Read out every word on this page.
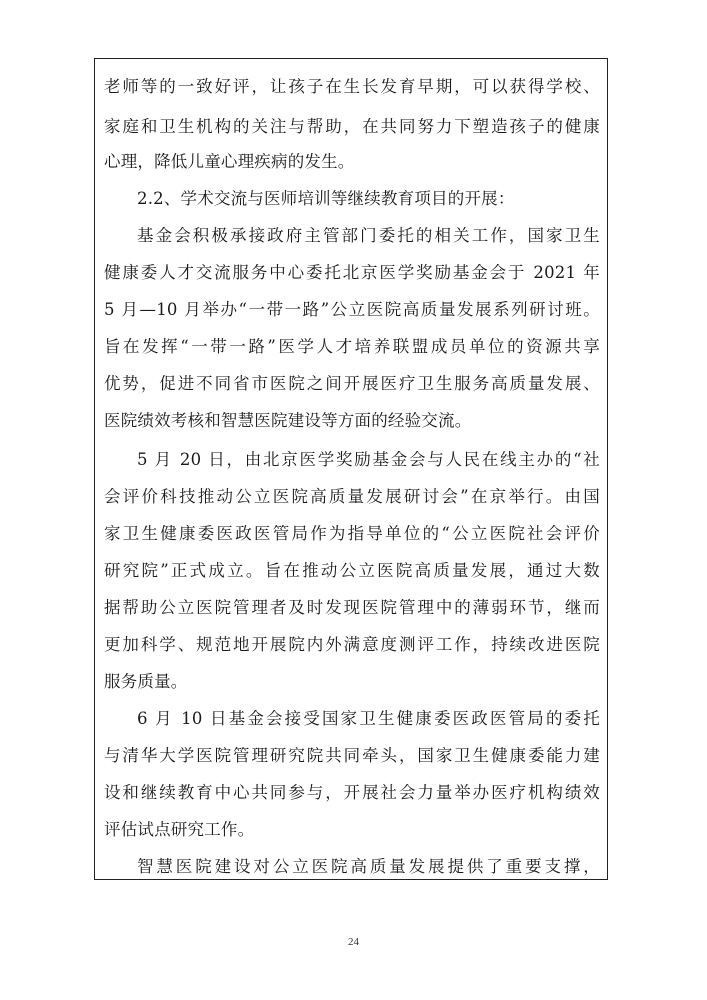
老师等的一致好评，让孩子在生长发育早期，可以获得学校、
家庭和卫生机构的关注与帮助，在共同努力下塑造孩子的健康
心理，降低儿童心理疾病的发生。
2.2、学术交流与医师培训等继续教育项目的开展：
基金会积极承接政府主管部门委托的相关工作，国家卫生
健康委人才交流服务中心委托北京医学奖励基金会于 2021 年
5 月—10 月举办“一带一路”公立医院高质量发展系列研讨班。
旨在发挥“一带一路”医学人才培养联盟成员单位的资源共享
优势，促进不同省市医院之间开展医疗卫生服务高质量发展、
医院绩效考核和智慧医院建设等方面的经验交流。
5 月 20 日，由北京医学奖励基金会与人民在线主办的“社
会评价科技推动公立医院高质量发展研讨会”在京举行。由国
家卫生健康委医政医管局作为指导单位的“公立医院社会评价
研究院”正式成立。旨在推动公立医院高质量发展，通过大数
据帮助公立医院管理者及时发现医院管理中的薄弱环节，继而
更加科学、规范地开展院内外满意度测评工作，持续改进医院
服务质量。
6 月 10 日基金会接受国家卫生健康委医政医管局的委托
与清华大学医院管理研究院共同牵头，国家卫生健康委能力建
设和继续教育中心共同参与，开展社会力量举办医疗机构绩效
评估试点研究工作。
智慧医院建设对公立医院高质量发展提供了重要支撑，
24
